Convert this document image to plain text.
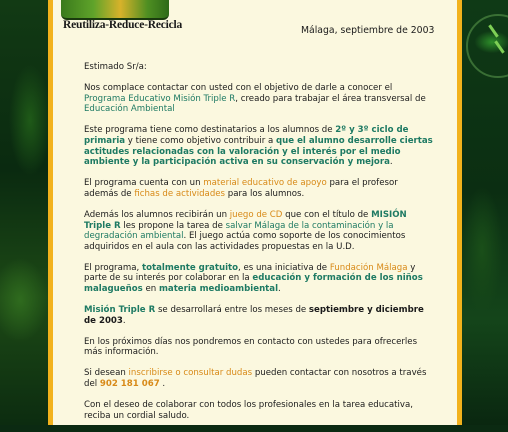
Reutiliza-Reduce-Recicla	Málaga, septiembre de 2003

Estimado Sr/a:

Nos complace contactar con usted con el objetivo de darle a conocer el Programa Educativo Misión Triple R, creado para trabajar el área transversal de Educación Ambiental

Este programa tiene como destinatarios a los alumnos de 2º y 3º ciclo de primaria y tiene como objetivo contribuir a que el alumno desarrolle ciertas actitudes relacionadas con la valoración y el interés por el medio ambiente y la participación activa en su conservación y mejora.

El programa cuenta con un material educativo de apoyo para el profesor además de fichas de actividades para los alumnos.

Además los alumnos recibirán un juego de CD que con el título de MISIÓN Triple R les propone la tarea de salvar Málaga de la contaminación y la degradación ambiental. El juego actúa como soporte de los conocimientos adquiridos en el aula con las actividades propuestas en la U.D.

El programa, totalmente gratuito, es una iniciativa de Fundación Málaga y parte de su interés por colaborar en la educación y formación de los niños malagueños en materia medioambiental.

Misión Triple R se desarrollará entre los meses de septiembre y diciembre de 2003.

En los próximos días nos pondremos en contacto con ustedes para ofrecerles más información.

Si desean inscribirse o consultar dudas pueden contactar con nosotros a través del 902 181 067 .

Con el deseo de colaborar con todos los profesionales en la tarea educativa, reciba un cordial saludo.
